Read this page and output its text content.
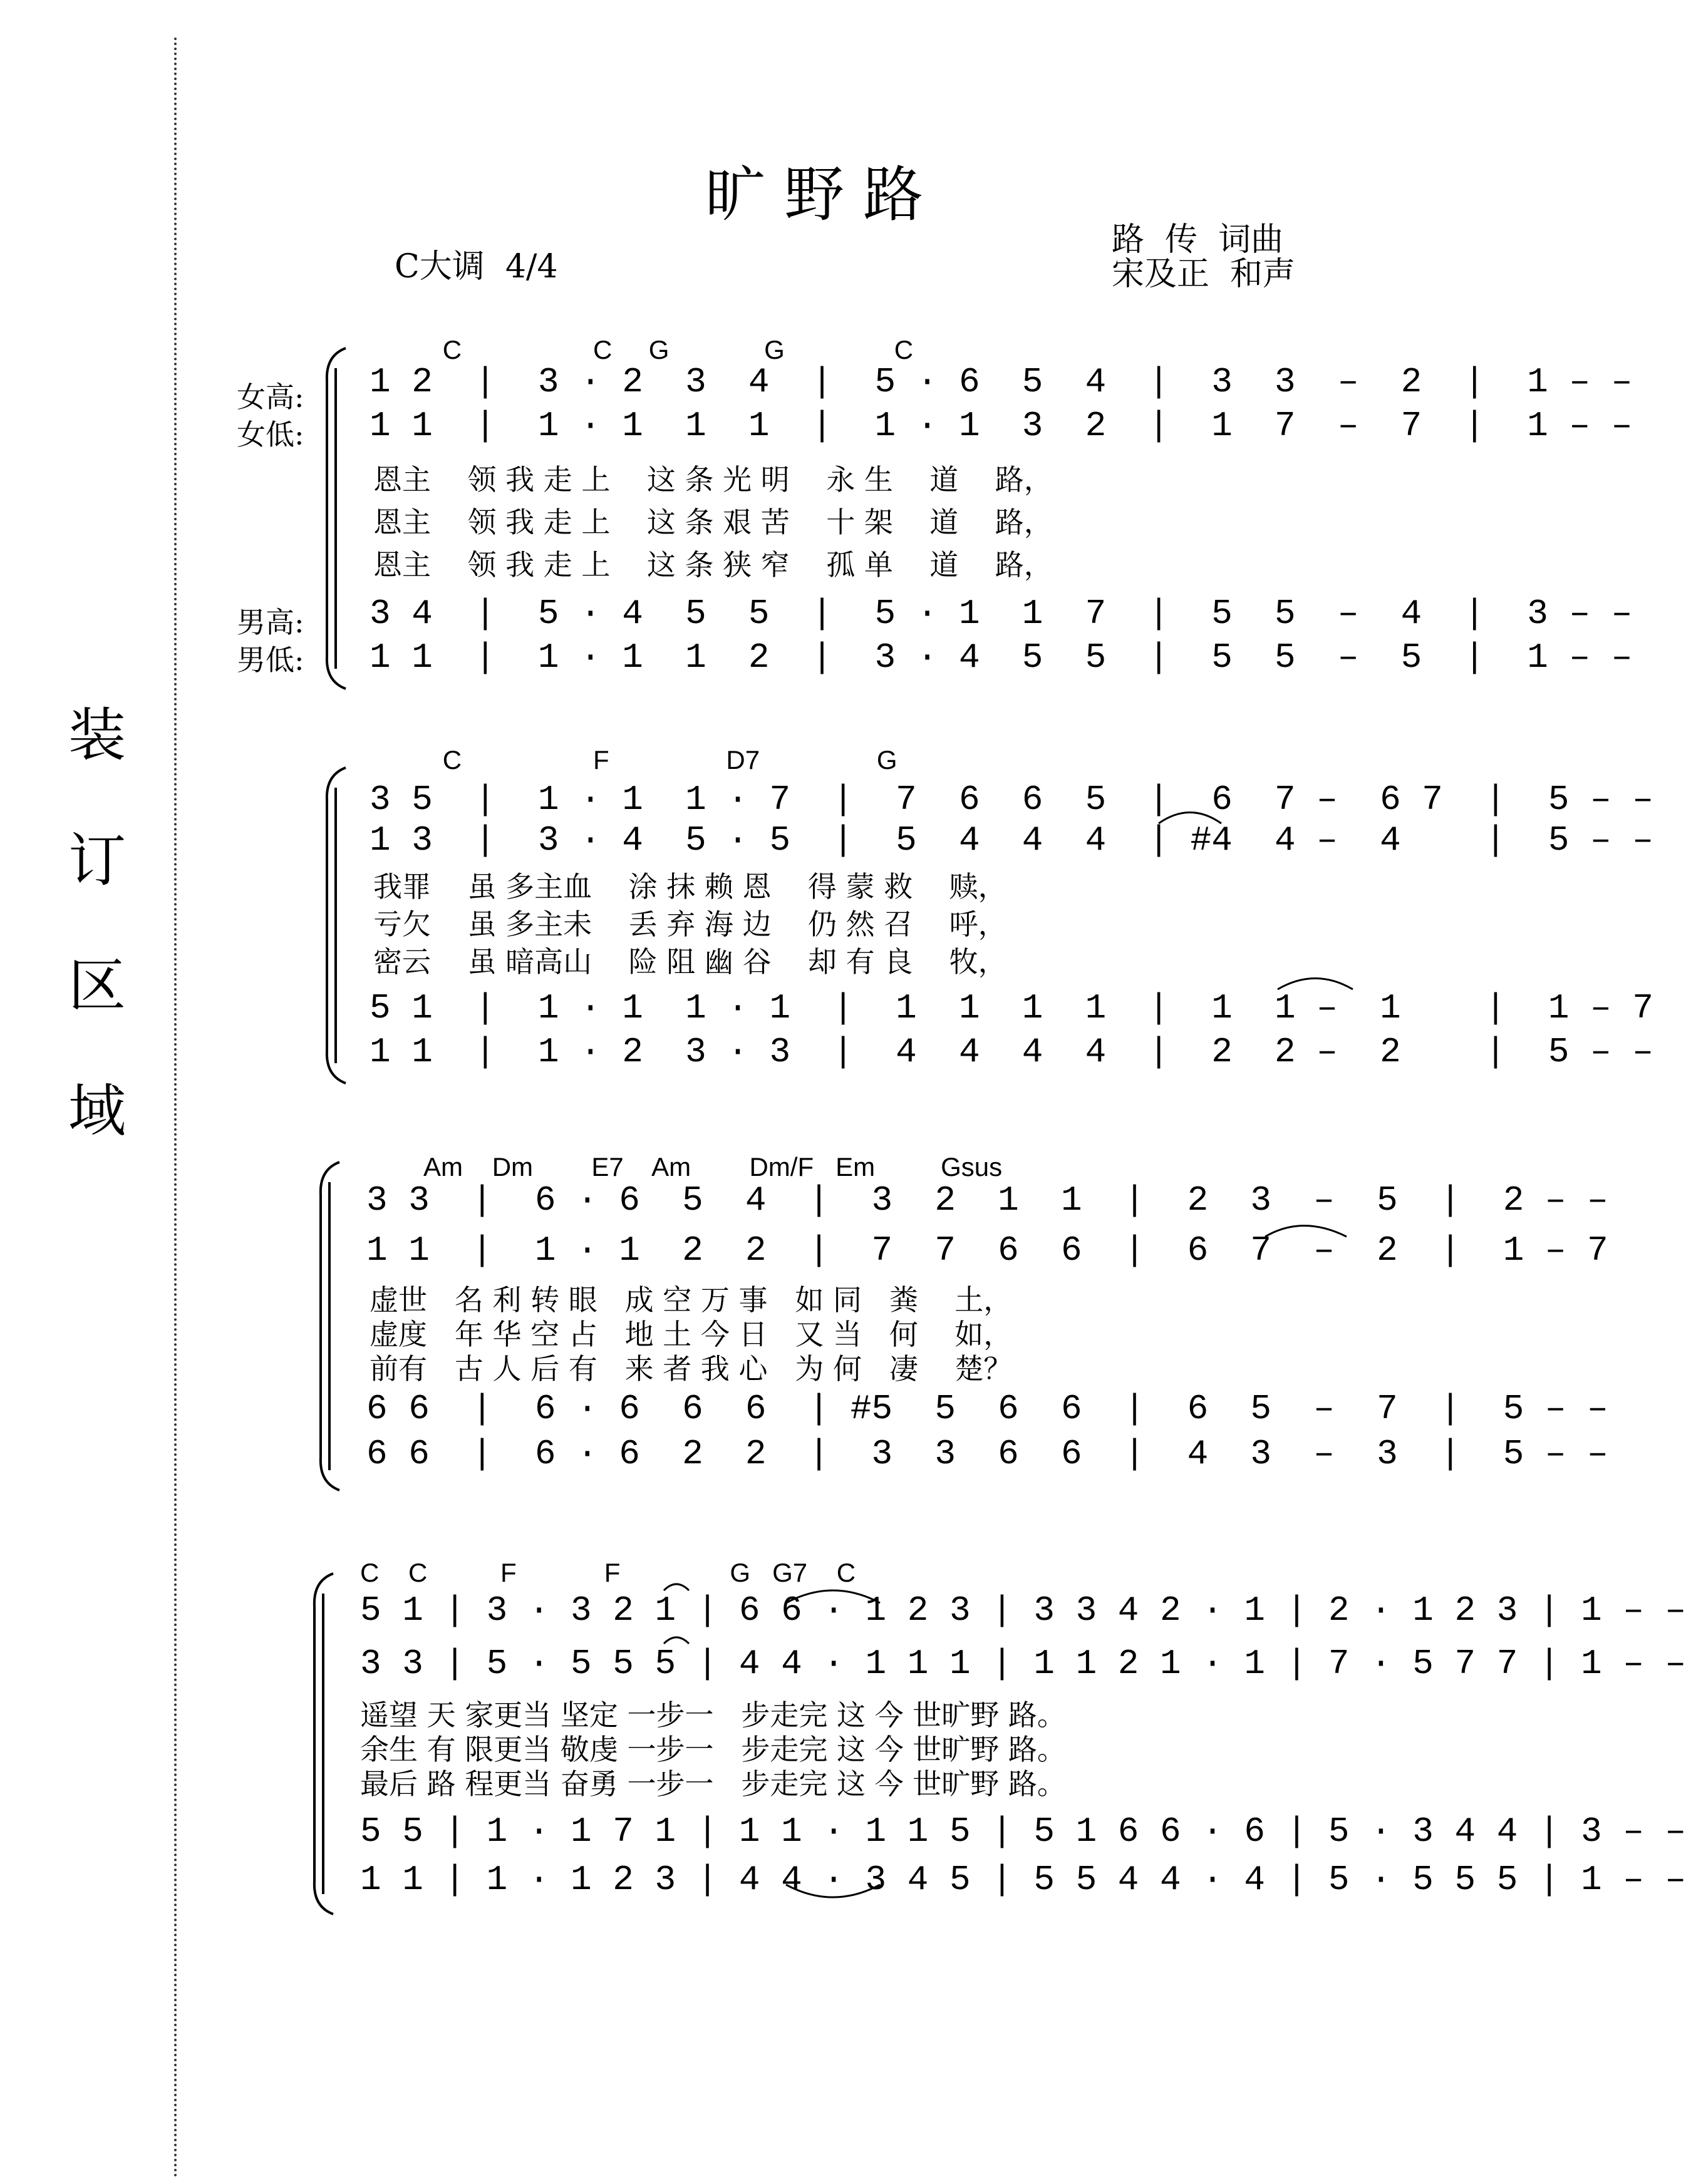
装
订
区
域
旷野路
C大调  4/4
路  传  词曲
宋及正  和声
女高:
女低:
男高:
男低:
C                  C     G             G               C
1 2  |  3 · 2  3  4  |  5 · 6  5  4  |  3  3  –  2  |  1 – –
1 1  |  1 · 1  1  1  |  1 · 1  3  2  |  1  7  –  7  |  1 – –
恩主    领 我 走 上    这 条 光 明    永 生    道    路，
恩主    领 我 走 上    这 条 艰 苦    十 架    道    路，
恩主    领 我 走 上    这 条 狭 窄    孤 单    道    路，
3 4  |  5 · 4  5  5  |  5 · 1  1  7  |  5  5  –  4  |  3 – –
1 1  |  1 · 1  1  2  |  3 · 4  5  5  |  5  5  –  5  |  1 – –
C                  F                D7                G
3 5  |  1 · 1  1 · 7  |  7  6  6  5  |  6  7 –  6 7  |  5 – –
1 3  |  3 · 4  5 · 5  |  5  4  4  4  | #4  4 –  4    |  5 – –
我罪    虽 多主血    涂 抹 赖 恩    得 蒙 救    赎，
亏欠    虽 多主未    丢 弃 海 边    仍 然 召    呼，
密云    虽 暗高山    险 阻 幽 谷    却 有 良    牧，
5 1  |  1 · 1  1 · 1  |  1  1  1  1  |  1  1 –  1    |  1 – 7
1 1  |  1 · 2  3 · 3  |  4  4  4  4  |  2  2 –  2    |  5 – –
Am    Dm        E7    Am        Dm/F   Em         Gsus
3 3  |  6 · 6  5  4  |  3  2  1  1  |  2  3  –  5  |  2 – –
1 1  |  1 · 1  2  2  |  7  7  6  6  |  6  7  –  2  |  1 – 7
虚世   名 利 转 眼   成 空 万 事   如 同   粪    土，
虚度   年 华 空 占   地 土 今 日   又 当   何    如，
前有   古 人 后 有   来 者 我 心   为 何   凄    楚？
6 6  |  6 · 6  6  6  | #5  5  6  6  |  6  5  –  7  |  5 – –
6 6  |  6 · 6  2  2  |  3  3  6  6  |  4  3  –  3  |  5 – –
C    C          F            F               G   G7    C
5 1 | 3 · 3 2 1 | 6 6 · 1 2 3 | 3 3 4 2 · 1 | 2 · 1 2 3 | 1 – –
3 3 | 5 · 5 5 5 | 4 4 · 1 1 1 | 1 1 2 1 · 1 | 7 · 5 7 7 | 1 – –
遥望 天 家更当 坚定 一步一   步走完 这 今 世旷野 路。
余生 有 限更当 敬虔 一步一   步走完 这 今 世旷野 路。
最后 路 程更当 奋勇 一步一   步走完 这 今 世旷野 路。
5 5 | 1 · 1 7 1 | 1 1 · 1 1 5 | 5 1 6 6 · 6 | 5 · 3 4 4 | 3 – –
1 1 | 1 · 1 2 3 | 4 4 · 3 4 5 | 5 5 4 4 · 4 | 5 · 5 5 5 | 1 – –
